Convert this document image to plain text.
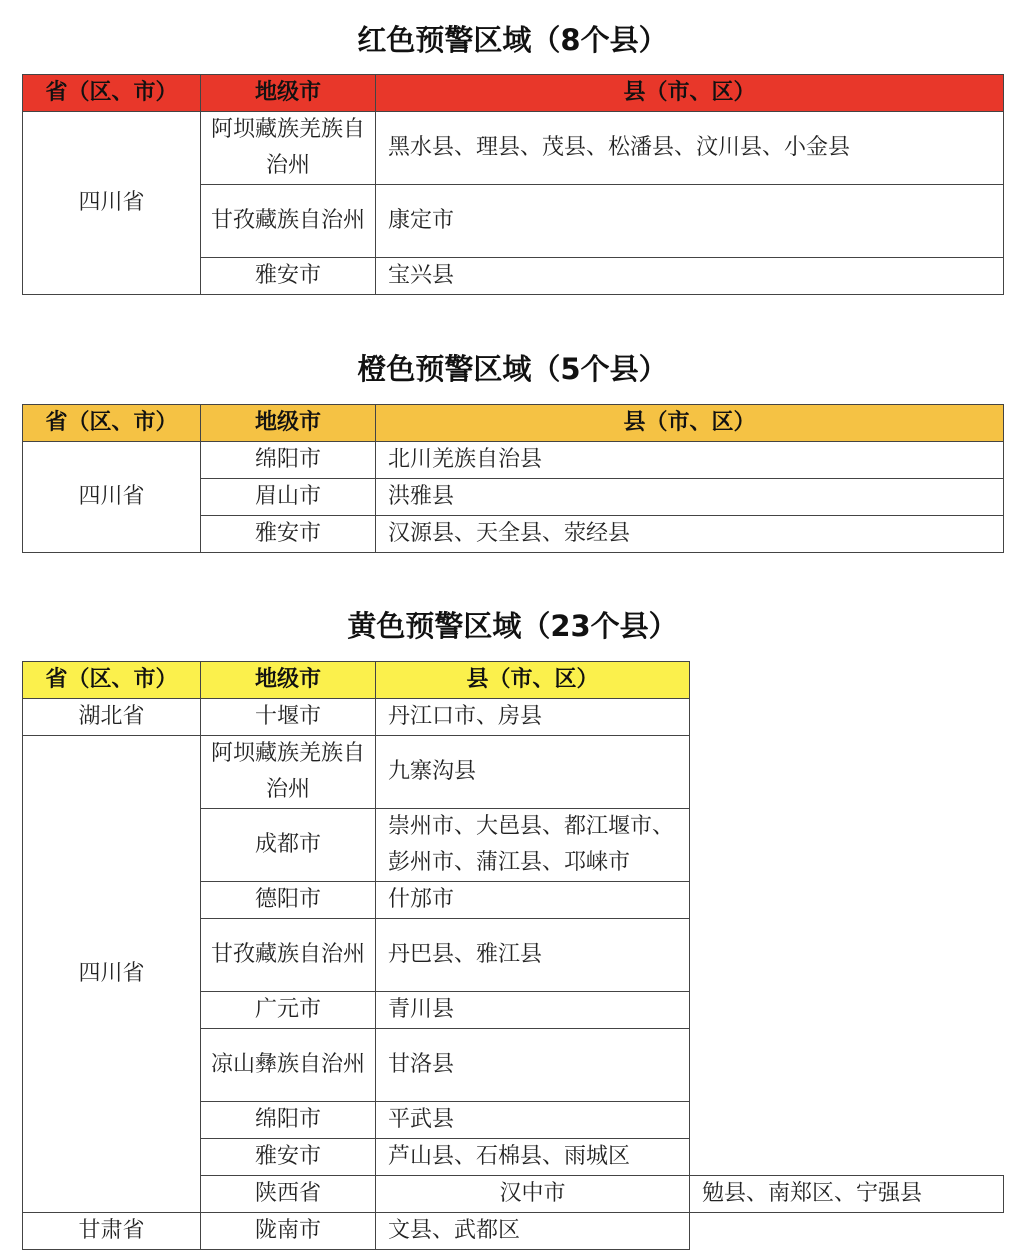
红色预警区域（8个县）
省（区、市）	地级市	县（市、区）
四川省	阿坝藏族羌族自治州	黑水县、理县、茂县、松潘县、汶川县、小金县
	甘孜藏族自治州	康定市
	雅安市	宝兴县
橙色预警区域（5个县）
省（区、市）	地级市	县（市、区）
四川省	绵阳市	北川羌族自治县
	眉山市	洪雅县
	雅安市	汉源县、天全县、荥经县
黄色预警区域（23个县）
省（区、市）	地级市	县（市、区）	
湖北省	十堰市	丹江口市、房县	
四川省	阿坝藏族羌族自治州	九寨沟县	
	成都市	崇州市、大邑县、都江堰市、彭州市、蒲江县、邛崃市	
	德阳市	什邡市	
	甘孜藏族自治州	丹巴县、雅江县	
	广元市	青川县	
	凉山彝族自治州	甘洛县	
	绵阳市	平武县	
	雅安市	芦山县、石棉县、雨城区	
	陕西省	汉中市	勉县、南郑区、宁强县
甘肃省	陇南市	文县、武都区	
